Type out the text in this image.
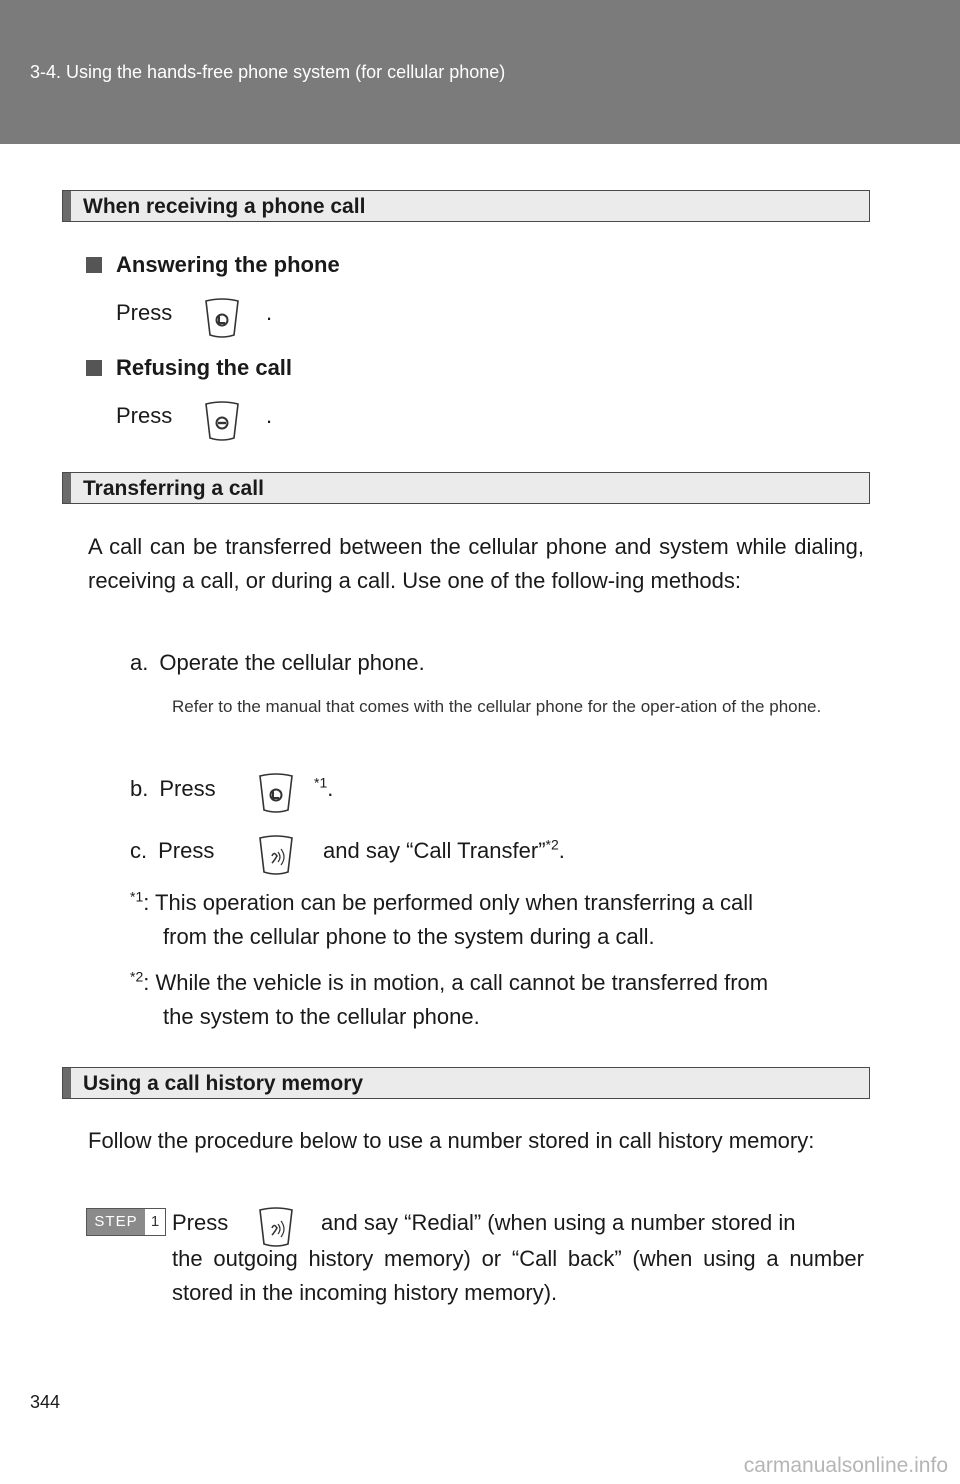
3-4. Using the hands-free phone system (for cellular phone)
When receiving a phone call
Answering the phone
Press	.
Refusing the call
Press	.
Transferring a call
A call can be transferred between the cellular phone and system while dialing, receiving a call, or during a call. Use one of the follow-ing methods:
a. Operate the cellular phone.
Refer to the manual that comes with the cellular phone for the oper-ation of the phone.
b. Press	$^{*1}$.
c. Press	and say “Call Transfer”$^{*2}$.
$^{*1}$: This operation can be performed only when transferring a call
from the cellular phone to the system during a call.
$^{*2}$: While the vehicle is in motion, a call cannot be transferred from
the system to the cellular phone.
Using a call history memory
Follow the procedure below to use a number stored in call history memory:
STEP 1 Press	and say “Redial” (when using a number stored in
the outgoing history memory) or “Call back” (when using a number stored in the incoming history memory).
344
carmanualsonline.info
